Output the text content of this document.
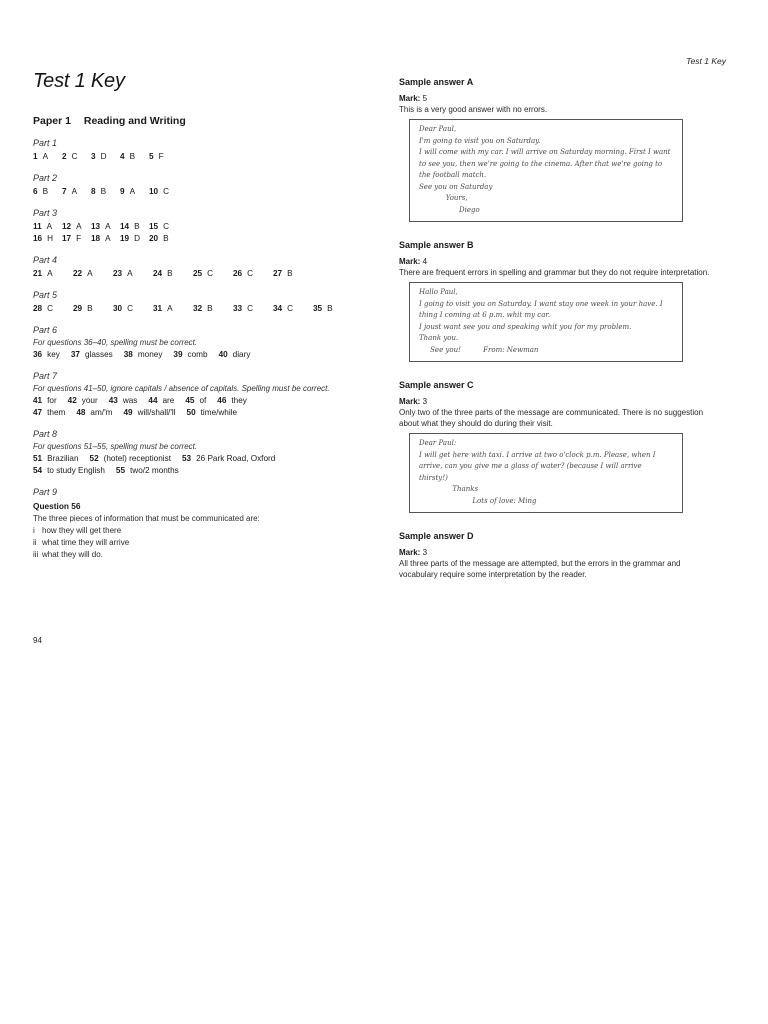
Test 1 Key
Test 1 Key
Paper 1 Reading and Writing
Part 1
1 A 2 C 3 D 4 B 5 F
Part 2
6 B 7 A 8 B 9 A 10 C
Part 3
11 A 12 A 13 A 14 B 15 C
16 H 17 F 18 A 19 D 20 B
Part 4
21 A 22 A 23 A 24 B 25 C 26 C 27 B
Part 5
28 C 29 B 30 C 31 A 32 B 33 C 34 C 35 B
Part 6
For questions 36–40, spelling must be correct.
36 key 37 glasses 38 money 39 comb 40 diary
Part 7
For questions 41–50, ignore capitals / absence of capitals. Spelling must be correct.
41 for 42 your 43 was 44 are 45 of 46 they
47 them 48 am/'m 49 will/shall/'ll 50 time/while
Part 8
For questions 51–55, spelling must be correct.
51 Brazilian 52 (hotel) receptionist 53 26 Park Road, Oxford
54 to study English 55 two/2 months
Part 9
Question 56
The three pieces of information that must be communicated are:
i how they will get there
ii what time they will arrive
iii what they will do.
Sample answer A

Mark: 5

This is a very good answer with no errors.
Dear Paul,
I'm going to visit you on Saturday.
I will come with my car. I will arrive on Saturday morning. First I want
to see you, then we're going to the cinema. After that we're going to
the football match.
See you on Saturday
Yours,
Diego
Sample answer B

Mark: 4

There are frequent errors in spelling and grammar but they do not require interpretation.
Hallo Paul,
I going to visit you on Saturday. I want stay one week in your have. I
thing I coming at 6 p.m. whit my car.
I joust want see you and speaking whit you for my problem.
Thank you.
See you!          From: Newman
Sample answer C

Mark: 3

Only two of the three parts of the message are communicated. There is no suggestion
about what they should do during their visit.
Dear Paul:
I will get here with taxi. I arrive at two o'clock p.m. Please, when I
arrive, can you give me a glass of water? (because I will arrive
thirsty!)
Thanks
Lots of love: Ming
Sample answer D

Mark: 3

All three parts of the message are attempted, but the errors in the grammar and
vocabulary require some interpretation by the reader.
94
